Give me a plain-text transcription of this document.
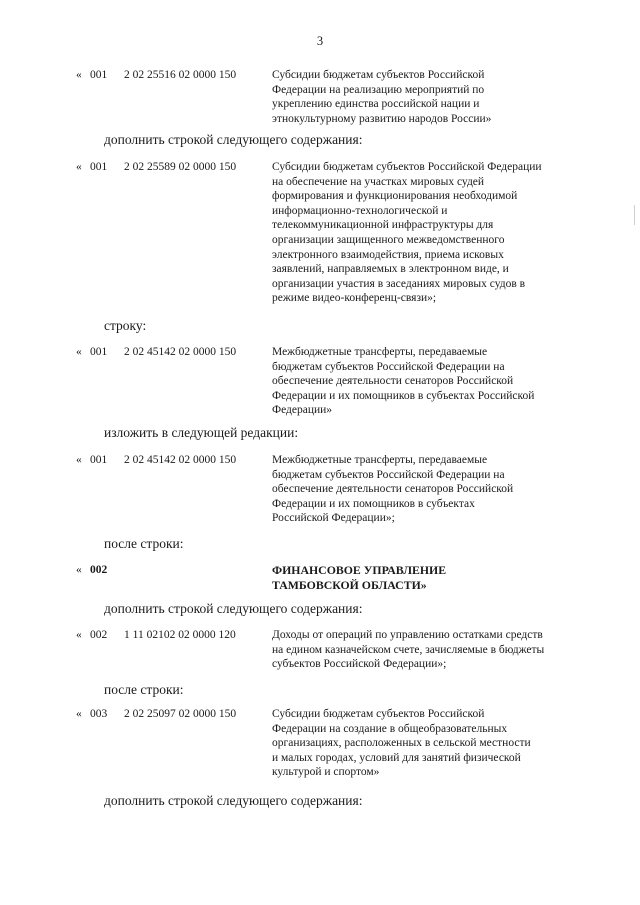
3
« 001 2 02 25516 02 0000 150	Субсидии бюджетам субъектов Российской
Федерации на реализацию мероприятий по
укреплению единства российской нации и
этнокультурному развитию народов России»
дополнить строкой следующего содержания:
« 001 2 02 25589 02 0000 150	Субсидии бюджетам субъектов Российской Федерации
на обеспечение на участках мировых судей
формирования и функционирования необходимой
информационно-технологической и
телекоммуникационной инфраструктуры для
организации защищенного межведомственного
электронного взаимодействия, приема исковых
заявлений, направляемых в электронном виде, и
организации участия в заседаниях мировых судов в
режиме видео-конференц-связи»;
строку:
« 001 2 02 45142 02 0000 150	Межбюджетные трансферты, передаваемые
бюджетам субъектов Российской Федерации на
обеспечение деятельности сенаторов Российской
Федерации и их помощников в субъектах Российской
Федерации»
изложить в следующей редакции:
« 001 2 02 45142 02 0000 150	Межбюджетные трансферты, передаваемые
бюджетам субъектов Российской Федерации на
обеспечение деятельности сенаторов Российской
Федерации и их помощников в субъектах
Российской Федерации»;
после строки:
« 002	ФИНАНСОВОЕ УПРАВЛЕНИЕ
ТАМБОВСКОЙ ОБЛАСТИ»
дополнить строкой следующего содержания:
« 002 1 11 02102 02 0000 120	Доходы от операций по управлению остатками средств
на едином казначейском счете, зачисляемые в бюджеты
субъектов Российской Федерации»;
после строки:
« 003 2 02 25097 02 0000 150	Субсидии бюджетам субъектов Российской
Федерации на создание в общеобразовательных
организациях, расположенных в сельской местности
и малых городах, условий для занятий физической
культурой и спортом»
дополнить строкой следующего содержания:
